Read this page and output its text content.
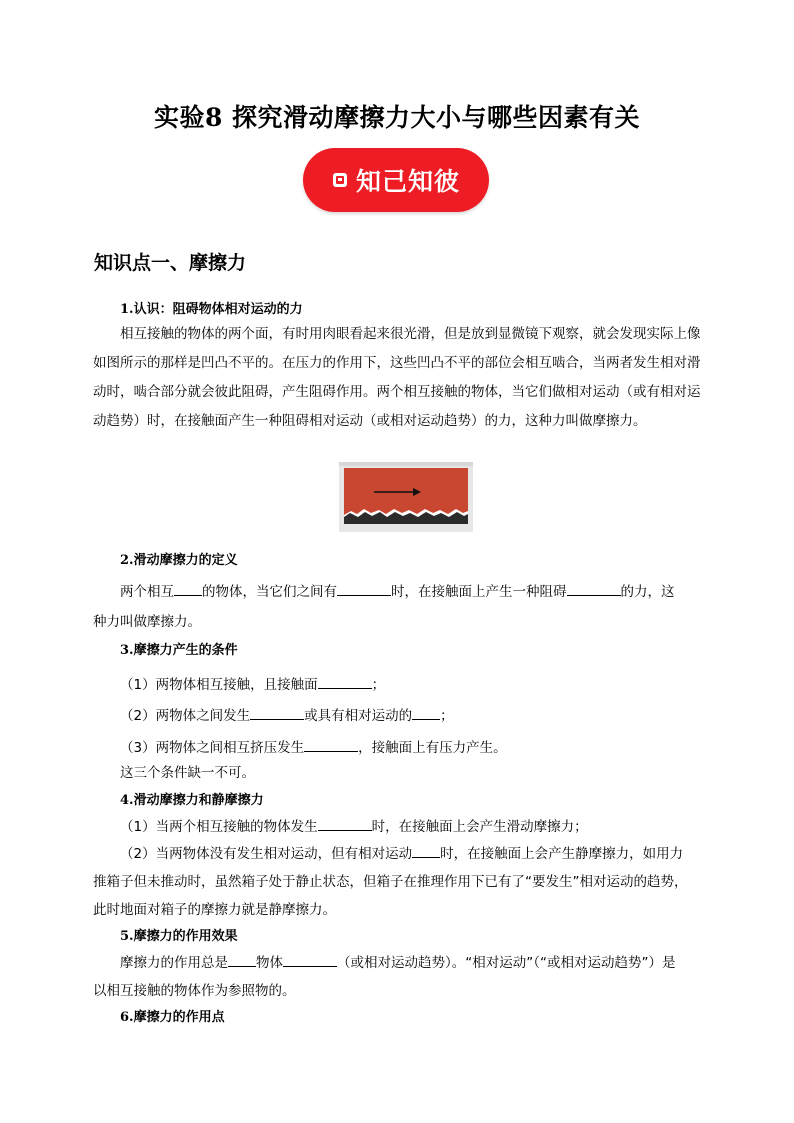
实验8 探究滑动摩擦力大小与哪些因素有关
知己知彼
知识点一、摩擦力
1.认识：阻碍物体相对运动的力
相互接触的物体的两个面，有时用肉眼看起来很光滑，但是放到显微镜下观察，就会发现实际上像如图所示的那样是凹凸不平的。在压力的作用下，这些凹凸不平的部位会相互啮合，当两者发生相对滑动时，啮合部分就会彼此阻碍，产生阻碍作用。两个相互接触的物体，当它们做相对运动（或有相对运动趋势）时，在接触面产生一种阻碍相对运动（或相对运动趋势）的力，这种力叫做摩擦力。
2.滑动摩擦力的定义
两个相互 的物体，当它们之间有	时，在接触面上产生一种阻碍	的力，这
种力叫做摩擦力。
3.摩擦力产生的条件
（1）两物体相互接触，且接触面	；
（2）两物体之间发生	或具有相对运动的 ；
（3）两物体之间相互挤压发生	，接触面上有压力产生。
这三个条件缺一不可。
4.滑动摩擦力和静摩擦力
（1）当两个相互接触的物体发生	时，在接触面上会产生滑动摩擦力；
（2）当两物体没有发生相对运动，但有相对运动 时，在接触面上会产生静摩擦力，如用力
推箱子但未推动时，虽然箱子处于静止状态，但箱子在推理作用下已有了“要发生”相对运动的趋势，
此时地面对箱子的摩擦力就是静摩擦力。
5.摩擦力的作用效果
摩擦力的作用总是 物体	（或相对运动趋势）。“相对运动”（“或相对运动趋势”）是
以相互接触的物体作为参照物的。
6.摩擦力的作用点
